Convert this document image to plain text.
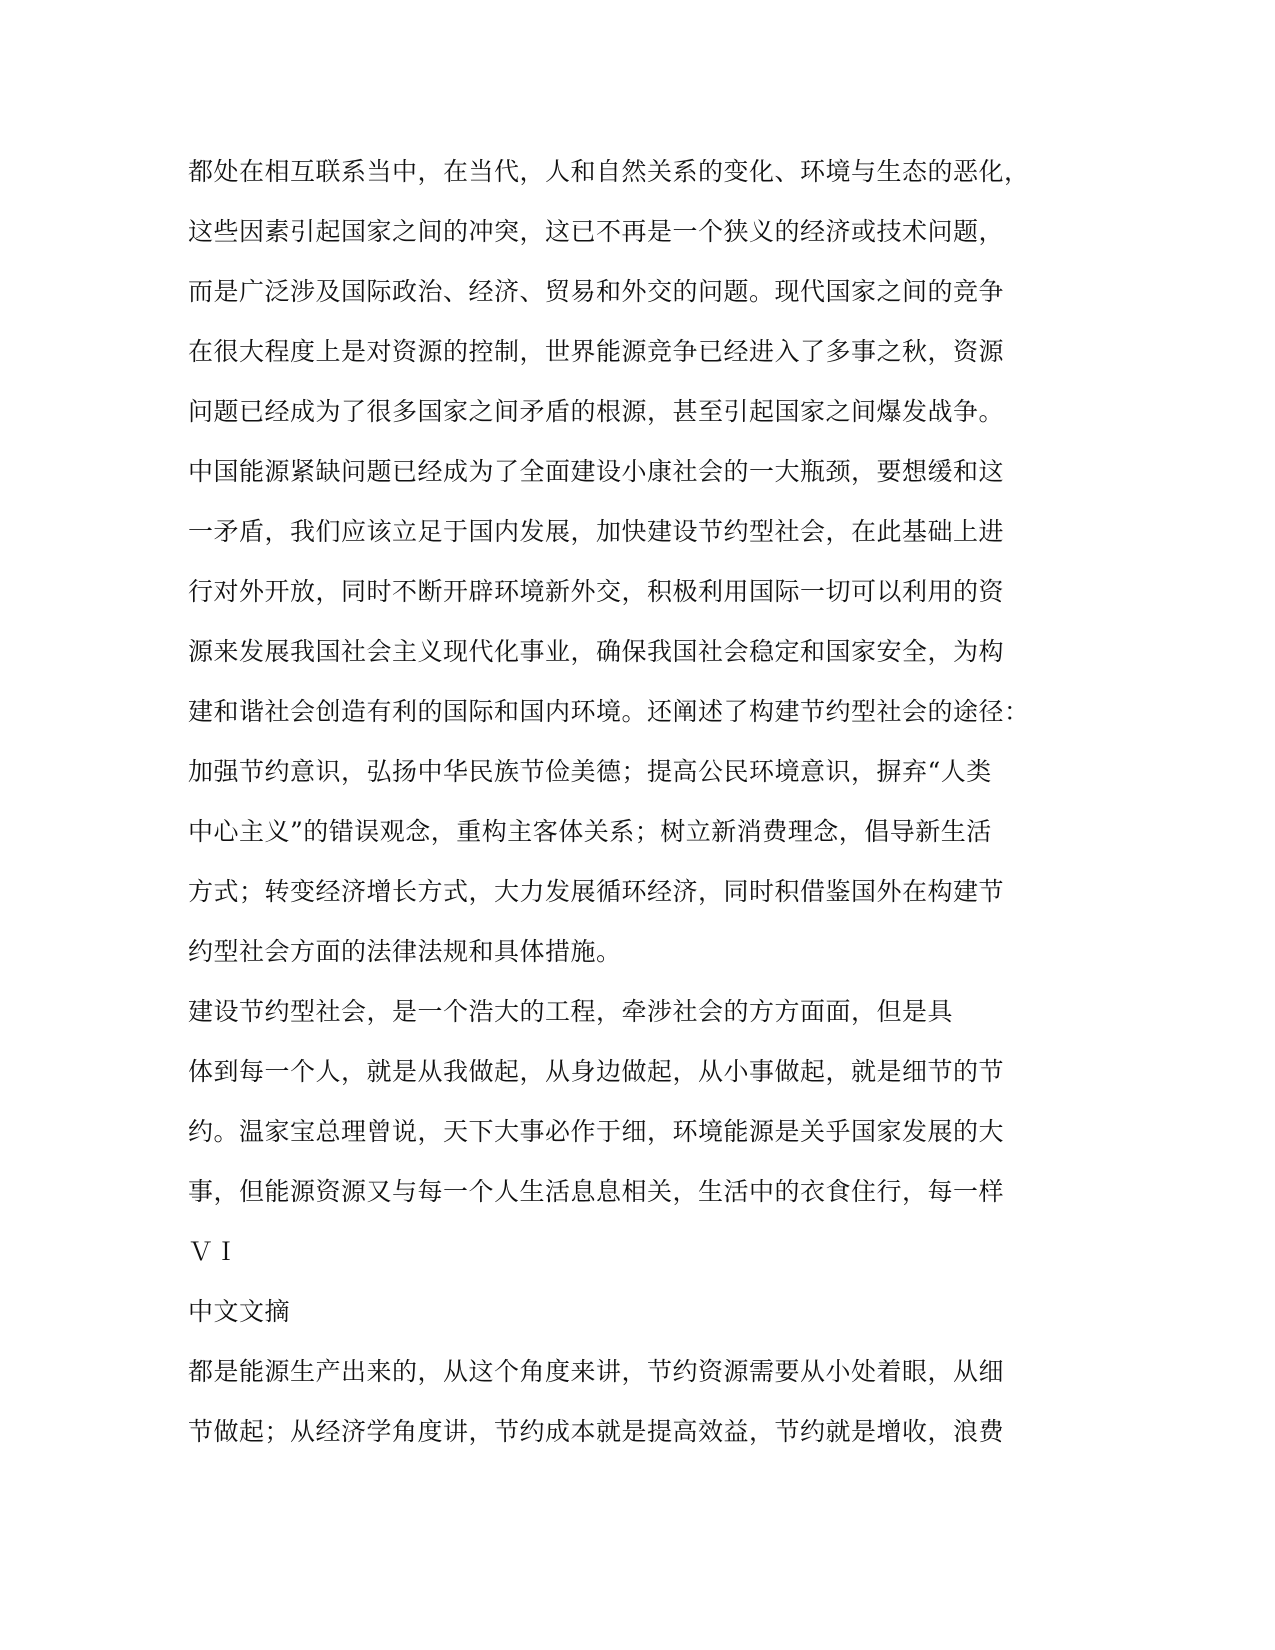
都处在相互联系当中，在当代，人和自然关系的变化、环境与生态的恶化，
这些因素引起国家之间的冲突，这已不再是一个狭义的经济或技术问题，
而是广泛涉及国际政治、经济、贸易和外交的问题。现代国家之间的竞争
在很大程度上是对资源的控制，世界能源竞争已经进入了多事之秋，资源
问题已经成为了很多国家之间矛盾的根源，甚至引起国家之间爆发战争。
中国能源紧缺问题已经成为了全面建设小康社会的一大瓶颈，要想缓和这
一矛盾，我们应该立足于国内发展，加快建设节约型社会，在此基础上进
行对外开放，同时不断开辟环境新外交，积极利用国际一切可以利用的资
源来发展我国社会主义现代化事业，确保我国社会稳定和国家安全，为构
建和谐社会创造有利的国际和国内环境。还阐述了构建节约型社会的途径：
加强节约意识，弘扬中华民族节俭美德；提高公民环境意识，摒弃“人类
中心主义”的错误观念，重构主客体关系；树立新消费理念，倡导新生活
方式；转变经济增长方式，大力发展循环经济，同时积借鉴国外在构建节
约型社会方面的法律法规和具体措施。
建设节约型社会，是一个浩大的工程，牵涉社会的方方面面，但是具
体到每一个人，就是从我做起，从身边做起，从小事做起，就是细节的节
约。温家宝总理曾说，天下大事必作于细，环境能源是关乎国家发展的大
事，但能源资源又与每一个人生活息息相关，生活中的衣食住行，每一样
ＶＩ
中文文摘
都是能源生产出来的，从这个角度来讲，节约资源需要从小处着眼，从细
节做起；从经济学角度讲，节约成本就是提高效益，节约就是增收，浪费
